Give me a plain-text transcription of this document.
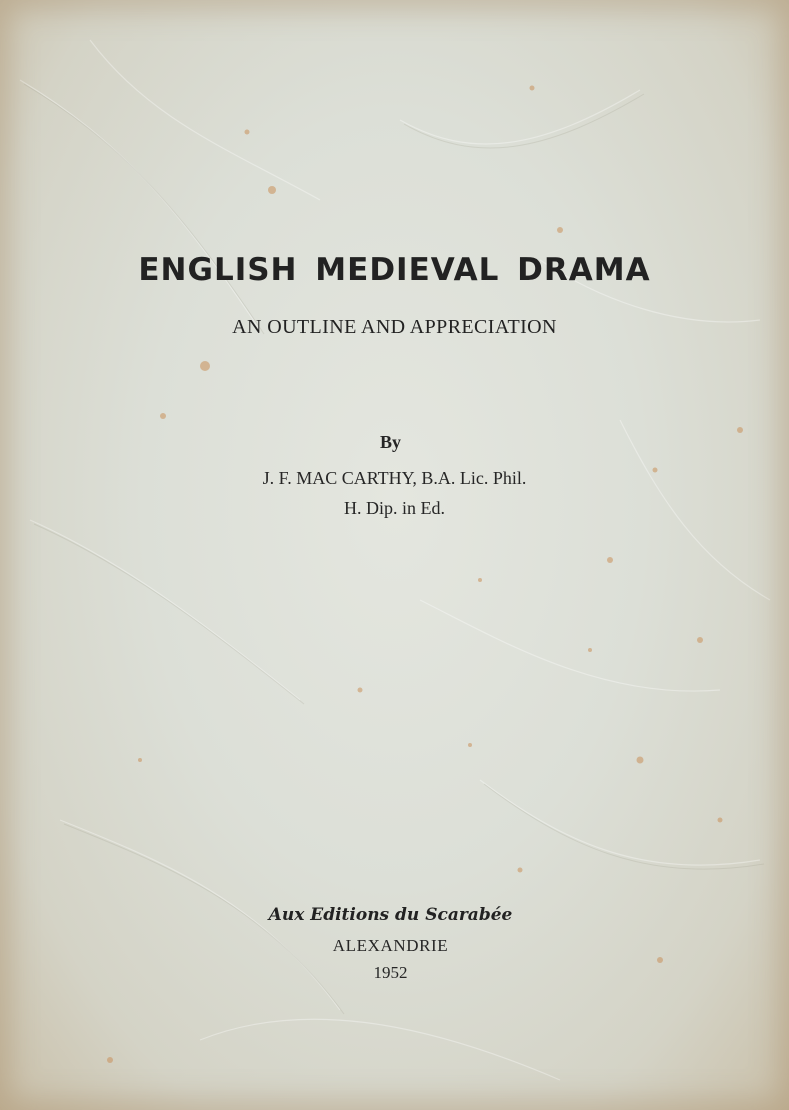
ENGLISH MEDIEVAL DRAMA
AN OUTLINE AND APPRECIATION
By
J. F. MAC CARTHY, B.A. Lic. Phil.
H. Dip. in Ed.
Aux Editions du Scarabée
ALEXANDRIE
1952
